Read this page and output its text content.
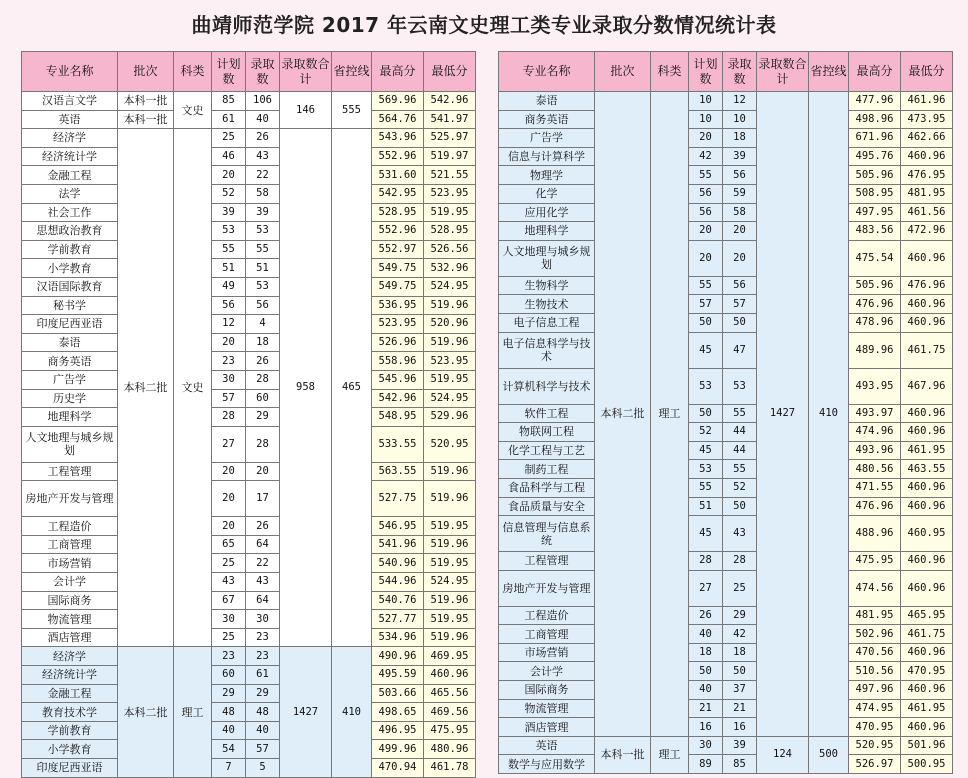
曲靖师范学院 2017 年云南文史理工类专业录取分数情况统计表
专业名称	批次	科类	计划数	录取数	录取数合计	省控线	最高分	最低分
汉语言文学	本科一批	文史	85	106	146	555	569.96	542.96
英语	本科一批		61	40			564.76	541.97
经济学	本科二批	文史	25	26	958	465	543.96	525.97
经济统计学			46	43			552.96	519.97
金融工程			20	22			531.60	521.55
法学			52	58			542.95	523.95
社会工作			39	39			528.95	519.95
思想政治教育			53	53			552.96	528.95
学前教育			55	55			552.97	526.56
小学教育			51	51			549.75	532.96
汉语国际教育			49	53			549.75	524.95
秘书学			56	56			536.95	519.96
印度尼西亚语			12	4			523.95	520.96
泰语			20	18			526.96	519.96
商务英语			23	26			558.96	523.95
广告学			30	28			545.96	519.95
历史学			57	60			542.96	524.95
地理科学			28	29			548.95	529.96
人文地理与城乡规划			27	28			533.55	520.95
工程管理			20	20			563.55	519.96
房地产开发与管理			20	17			527.75	519.96
工程造价			20	26			546.95	519.95
工商管理			65	64			541.96	519.96
市场营销			25	22			540.96	519.95
会计学			43	43			544.96	524.95
国际商务			67	64			540.76	519.96
物流管理			30	30			527.77	519.95
酒店管理			25	23			534.96	519.96
经济学	本科二批	理工	23	23	1427	410	490.96	469.95
经济统计学			60	61			495.59	460.96
金融工程			29	29			503.66	465.56
教育技术学			48	48			498.65	469.56
学前教育			40	40			496.95	475.95
小学教育			54	57			499.96	480.96
印度尼西亚语			7	5			470.94	461.78
专业名称	批次	科类	计划数	录取数	录取数合计	省控线	最高分	最低分
泰语	本科二批	理工	10	12	1427	410	477.96	461.96
商务英语			10	10			498.96	473.95
广告学			20	18			671.96	462.66
信息与计算科学			42	39			495.76	460.96
物理学			55	56			505.96	476.95
化学			56	59			508.95	481.95
应用化学			56	58			497.95	461.56
地理科学			20	20			483.56	472.96
人文地理与城乡规划			20	20			475.54	460.96
生物科学			55	56			505.96	476.96
生物技术			57	57			476.96	460.96
电子信息工程			50	50			478.96	460.96
电子信息科学与技术			45	47			489.96	461.75
计算机科学与技术			53	53			493.95	467.96
软件工程			50	55			493.97	460.96
物联网工程			52	44			474.96	460.96
化学工程与工艺			45	44			493.96	461.95
制药工程			53	55			480.56	463.55
食品科学与工程			55	52			471.55	460.96
食品质量与安全			51	50			476.96	460.96
信息管理与信息系统			45	43			488.96	460.95
工程管理			28	28			475.95	460.96
房地产开发与管理			27	25			474.56	460.96
工程造价			26	29			481.95	465.95
工商管理			40	42			502.96	461.75
市场营销			18	18			470.56	460.96
会计学			50	50			510.56	470.95
国际商务			40	37			497.96	460.96
物流管理			21	21			474.95	461.95
酒店管理			16	16			470.95	460.96
英语	本科一批	理工	30	39	124	500	520.95	501.96
数学与应用数学			89	85			526.97	500.95
